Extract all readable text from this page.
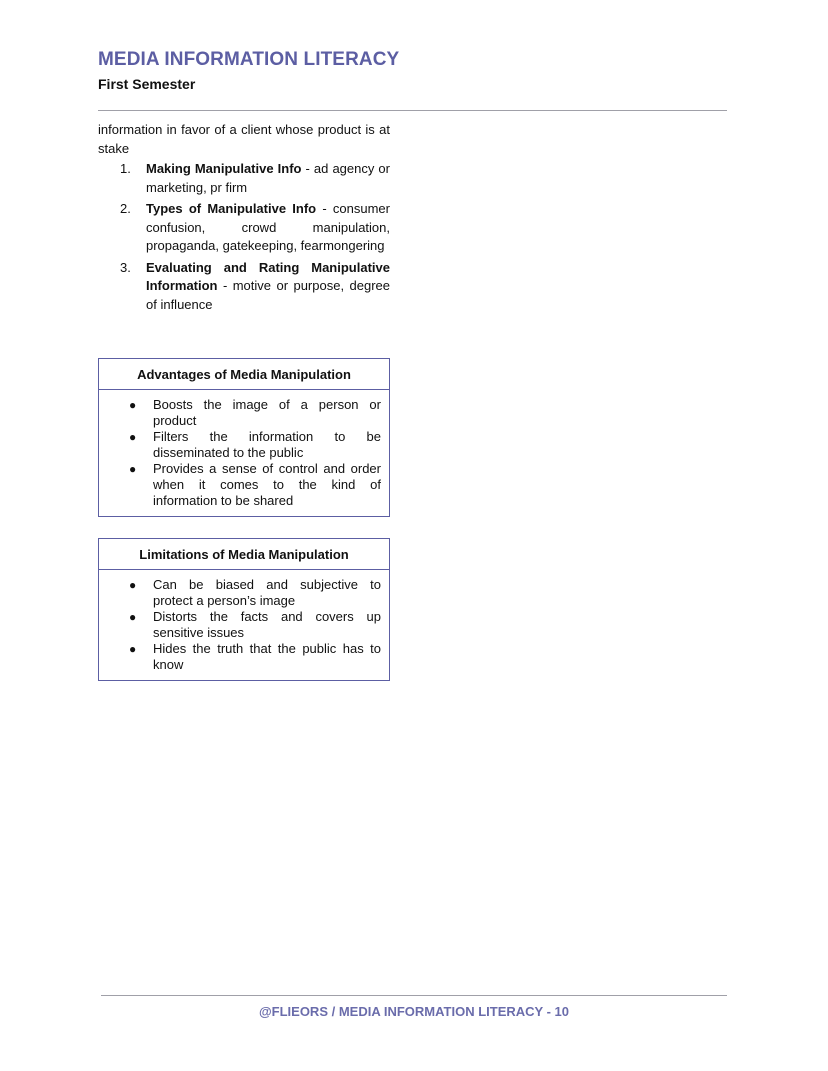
MEDIA INFORMATION LITERACY
First Semester

information in favor of a client whose product is at stake

1. Making Manipulative Info - ad agency or marketing, pr firm
2. Types of Manipulative Info - consumer confusion, crowd manipulation, propaganda, gatekeeping, fearmongering
3. Evaluating and Rating Manipulative Information - motive or purpose, degree of influence
Advantages of Media Manipulation
● Boosts the image of a person or product
● Filters the information to be disseminated to the public
● Provides a sense of control and order when it comes to the kind of information to be shared
Limitations of Media Manipulation
● Can be biased and subjective to protect a person’s image
● Distorts the facts and covers up sensitive issues
● Hides the truth that the public has to know
@FLIEORS / MEDIA INFORMATION LITERACY - 10
